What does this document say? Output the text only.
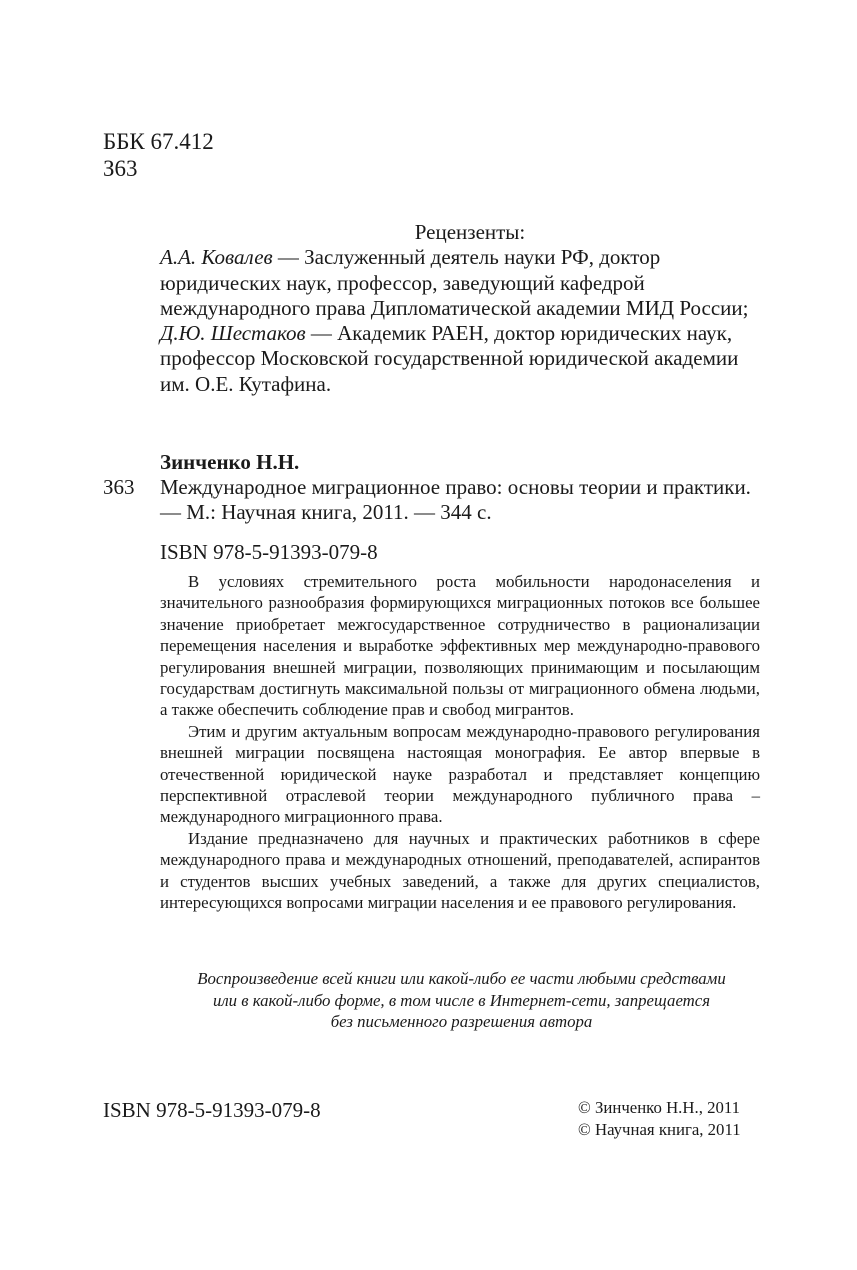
ББК 67.412
З63
Рецензенты:

А.А. Ковалев — Заслуженный деятель науки РФ, доктор юридических наук, профессор, заведующий кафедрой международного права Дипломатической академии МИД России;

Д.Ю. Шестаков — Академик РАЕН, доктор юридических наук, профессор Московской государственной юридической академии им. О.Е. Кутафина.

Зинченко Н.Н.
З63 Международное миграционное право: основы теории и практики. — М.: Научная книга, 2011. — 344 с.
ISBN 978-5-91393-079-8

В условиях стремительного роста мобильности народонаселения и значительного разнообразия формирующихся миграционных потоков все большее значение приобретает межгосударственное сотрудничество в рационализации перемещения населения и выработке эффективных мер международно-правового регулирования внешней миграции, позволяющих принимающим и посылающим государствам достигнуть максимальной пользы от миграционного обмена людьми, а также обеспечить соблюдение прав и свобод мигрантов.

Этим и другим актуальным вопросам международно-правового регулирования внешней миграции посвящена настоящая монография. Ее автор впервые в отечественной юридической науке разработал и представляет концепцию перспективной отраслевой теории международного публичного права – международного миграционного права.

Издание предназначено для научных и практических работников в сфере международного права и международных отношений, преподавателей, аспирантов и студентов высших учебных заведений, а также для других специалистов, интересующихся вопросами миграции населения и ее правового регулирования.

Воспроизведение всей книги или какой-либо ее части любыми средствами
или в какой-либо форме, в том числе в Интернет-сети, запрещается
без письменного разрешения автора
ISBN 978-5-91393-079-8	© Зинченко Н.Н., 2011
© Научная книга, 2011
